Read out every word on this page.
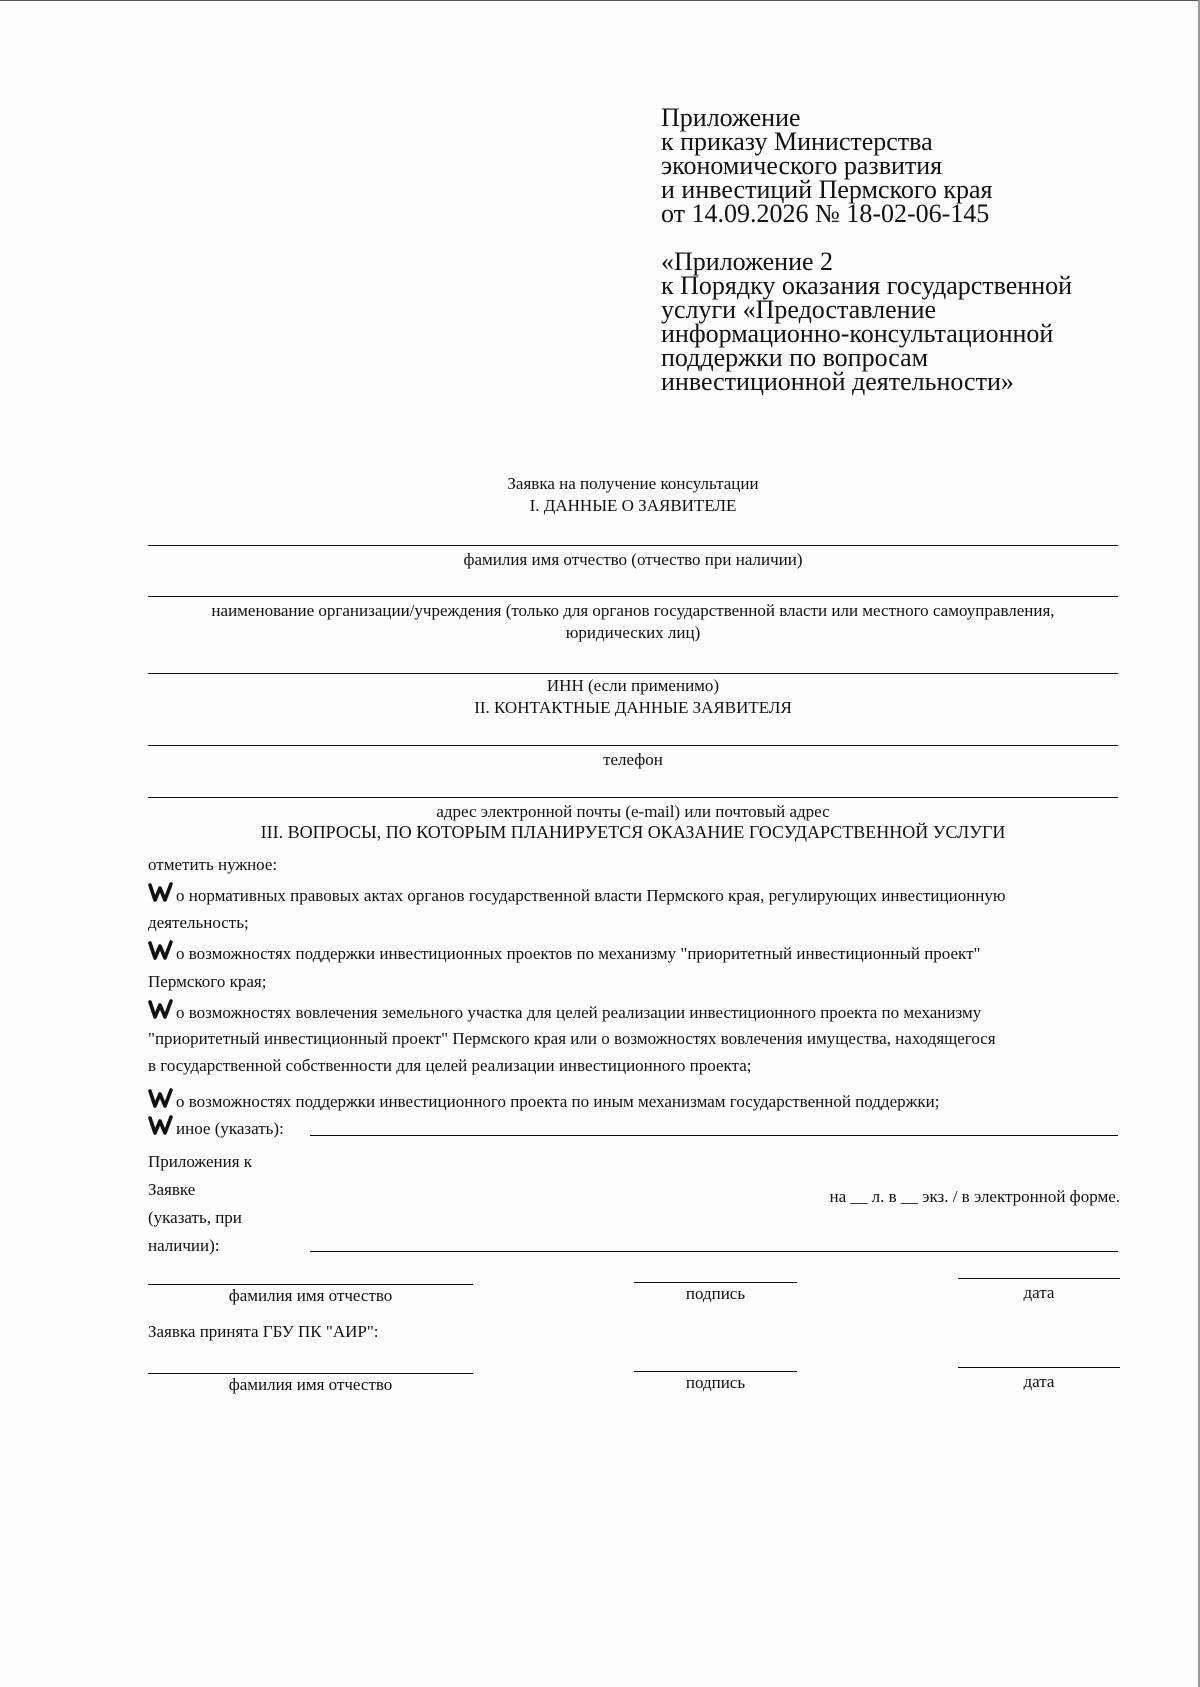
Приложение
к приказу Министерства
экономического развития
и инвестиций Пермского края
от 14.09.2026 № 18-02-06-145
«Приложение 2
к Порядку оказания государственной
услуги «Предоставление
информационно-консультационной
поддержки по вопросам
инвестиционной деятельности»
Заявка на получение консультации
I. ДАННЫЕ О ЗАЯВИТЕЛЕ
фамилия имя отчество (отчество при наличии)
наименование организации/учреждения (только для органов государственной власти или местного самоуправления,
юридических лиц)
ИНН (если применимо)
II. КОНТАКТНЫЕ ДАННЫЕ ЗАЯВИТЕЛЯ
телефон
адрес электронной почты (e-mail) или почтовый адрес
III. ВОПРОСЫ, ПО КОТОРЫМ ПЛАНИРУЕТСЯ ОКАЗАНИЕ ГОСУДАРСТВЕННОЙ УСЛУГИ
отметить нужное:
о нормативных правовых актах органов государственной власти Пермского края, регулирующих инвестиционную
деятельность;
о возможностях поддержки инвестиционных проектов по механизму "приоритетный инвестиционный проект"
Пермского края;
о возможностях вовлечения земельного участка для целей реализации инвестиционного проекта по механизму
"приоритетный инвестиционный проект" Пермского края или о возможностях вовлечения имущества, находящегося
в государственной собственности для целей реализации инвестиционного проекта;
о возможностях поддержки инвестиционного проекта по иным механизмам государственной поддержки;
иное (указать):
Приложения к
Заявке
(указать, при
наличии):
на __ л. в __ экз. / в электронной форме.
фамилия имя отчество	подпись	дата
Заявка принята ГБУ ПК "АИР":
фамилия имя отчество	подпись	дата
